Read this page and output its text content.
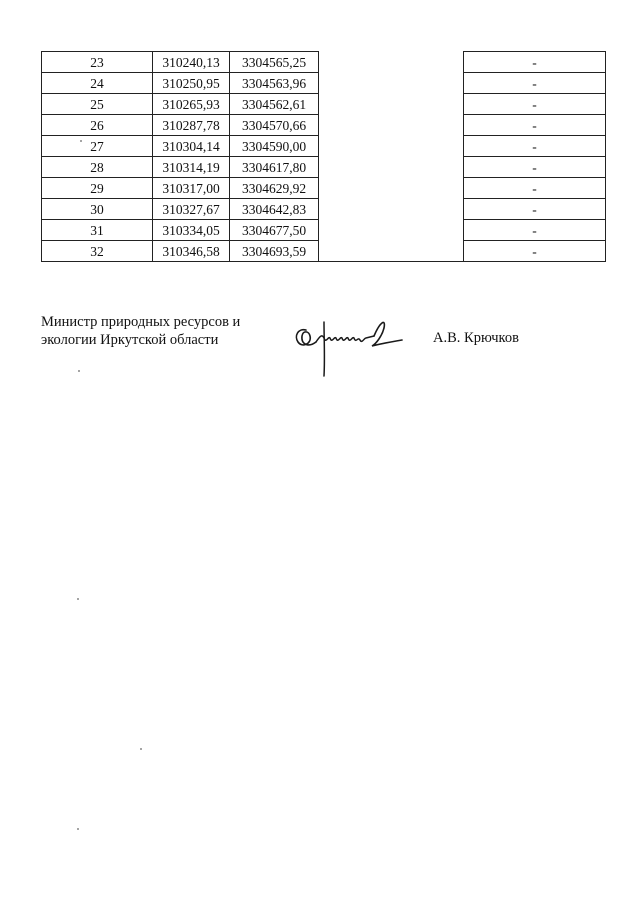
23	310240,13	3304565,25		-
24	310250,95	3304563,96		-
25	310265,93	3304562,61		-
26	310287,78	3304570,66		-
27	310304,14	3304590,00		-
28	310314,19	3304617,80		-
29	310317,00	3304629,92		-
30	310327,67	3304642,83		-
31	310334,05	3304677,50		-
32	310346,58	3304693,59		-
Министр природных ресурсов и
экологии Иркутской области	А.В. Крючков
